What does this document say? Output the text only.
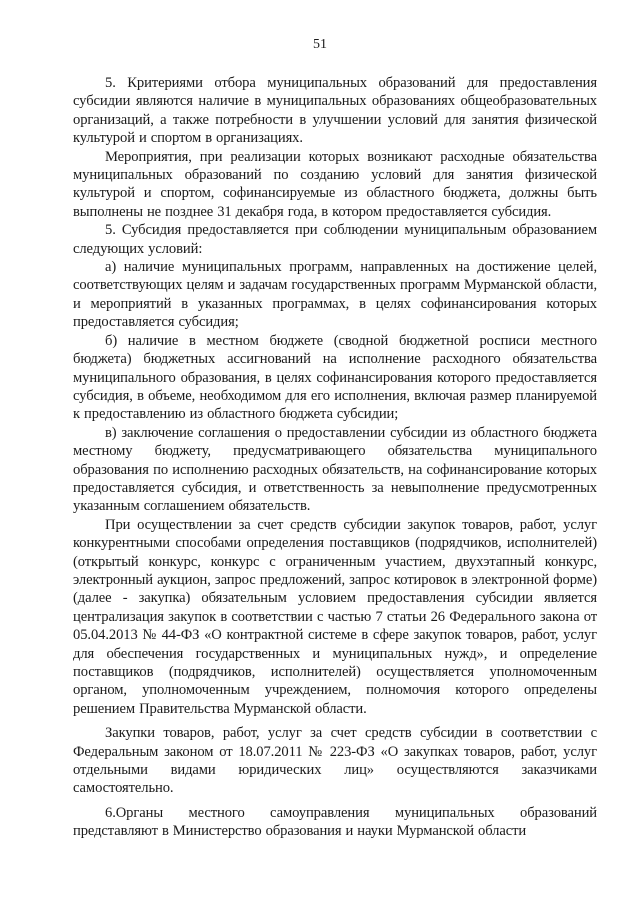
51

5. Критериями отбора муниципальных образований для предоставления субсидии являются наличие в муниципальных образованиях общеобразовательных организаций, а также потребности в улучшении условий для занятия физической культурой и спортом в организациях.

Мероприятия, при реализации которых возникают расходные обязательства муниципальных образований по созданию условий для занятия физической культурой и спортом, софинансируемые из областного бюджета, должны быть выполнены не позднее 31 декабря года, в котором предоставляется субсидия.

5. Субсидия предоставляется при соблюдении муниципальным образованием следующих условий:

а) наличие муниципальных программ, направленных на достижение целей, соответствующих целям и задачам государственных программ Мурманской области, и мероприятий в указанных программах, в целях софинансирования которых предоставляется субсидия;

б) наличие в местном бюджете (сводной бюджетной росписи местного бюджета) бюджетных ассигнований на исполнение расходного обязательства муниципального образования, в целях софинансирования которого предоставляется субсидия, в объеме, необходимом для его исполнения, включая размер планируемой к предоставлению из областного бюджета субсидии;

в) заключение соглашения о предоставлении субсидии из областного бюджета местному бюджету, предусматривающего обязательства муниципального образования по исполнению расходных обязательств, на софинансирование которых предоставляется субсидия, и ответственность за невыполнение предусмотренных указанным соглашением обязательств.

При осуществлении за счет средств субсидии закупок товаров, работ, услуг конкурентными способами определения поставщиков (подрядчиков, исполнителей) (открытый конкурс, конкурс с ограниченным участием, двухэтапный конкурс, электронный аукцион, запрос предложений, запрос котировок в электронной форме) (далее - закупка) обязательным условием предоставления субсидии является централизация закупок в соответствии с частью 7 статьи 26 Федерального закона от 05.04.2013 № 44-ФЗ «О контрактной системе в сфере закупок товаров, работ, услуг для обеспечения государственных и муниципальных нужд», и определение поставщиков (подрядчиков, исполнителей) осуществляется уполномоченным органом, уполномоченным учреждением, полномочия которого определены решением Правительства Мурманской области.

Закупки товаров, работ, услуг за счет средств субсидии в соответствии с Федеральным законом от 18.07.2011 № 223-ФЗ «О закупках товаров, работ, услуг отдельными видами юридических лиц» осуществляются заказчиками самостоятельно.

6.Органы местного самоуправления муниципальных образований представляют в Министерство образования и науки Мурманской области
